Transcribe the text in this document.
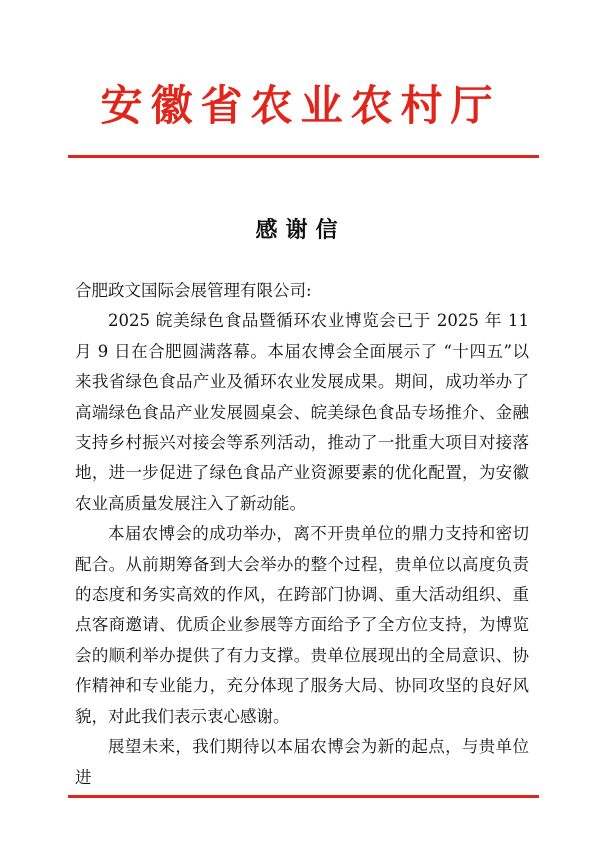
安徽省农业农村厅
感谢信

合肥政文国际会展管理有限公司:

2025 皖美绿色食品暨循环农业博览会已于 2025 年 11 月 9 日在合肥圆满落幕。本届农博会全面展示了 “十四五”以来我省绿色食品产业及循环农业发展成果。期间，成功举办了高端绿色食品产业发展圆桌会、皖美绿色食品专场推介、金融支持乡村振兴对接会等系列活动，推动了一批重大项目对接落地，进一步促进了绿色食品产业资源要素的优化配置，为安徽农业高质量发展注入了新动能。

本届农博会的成功举办，离不开贵单位的鼎力支持和密切配合。从前期筹备到大会举办的整个过程，贵单位以高度负责的态度和务实高效的作风，在跨部门协调、重大活动组织、重点客商邀请、优质企业参展等方面给予了全方位支持，为博览会的顺利举办提供了有力支撑。贵单位展现出的全局意识、协作精神和专业能力，充分体现了服务大局、协同攻坚的良好风貌，对此我们表示衷心感谢。

展望未来，我们期待以本届农博会为新的起点，与贵单位进
